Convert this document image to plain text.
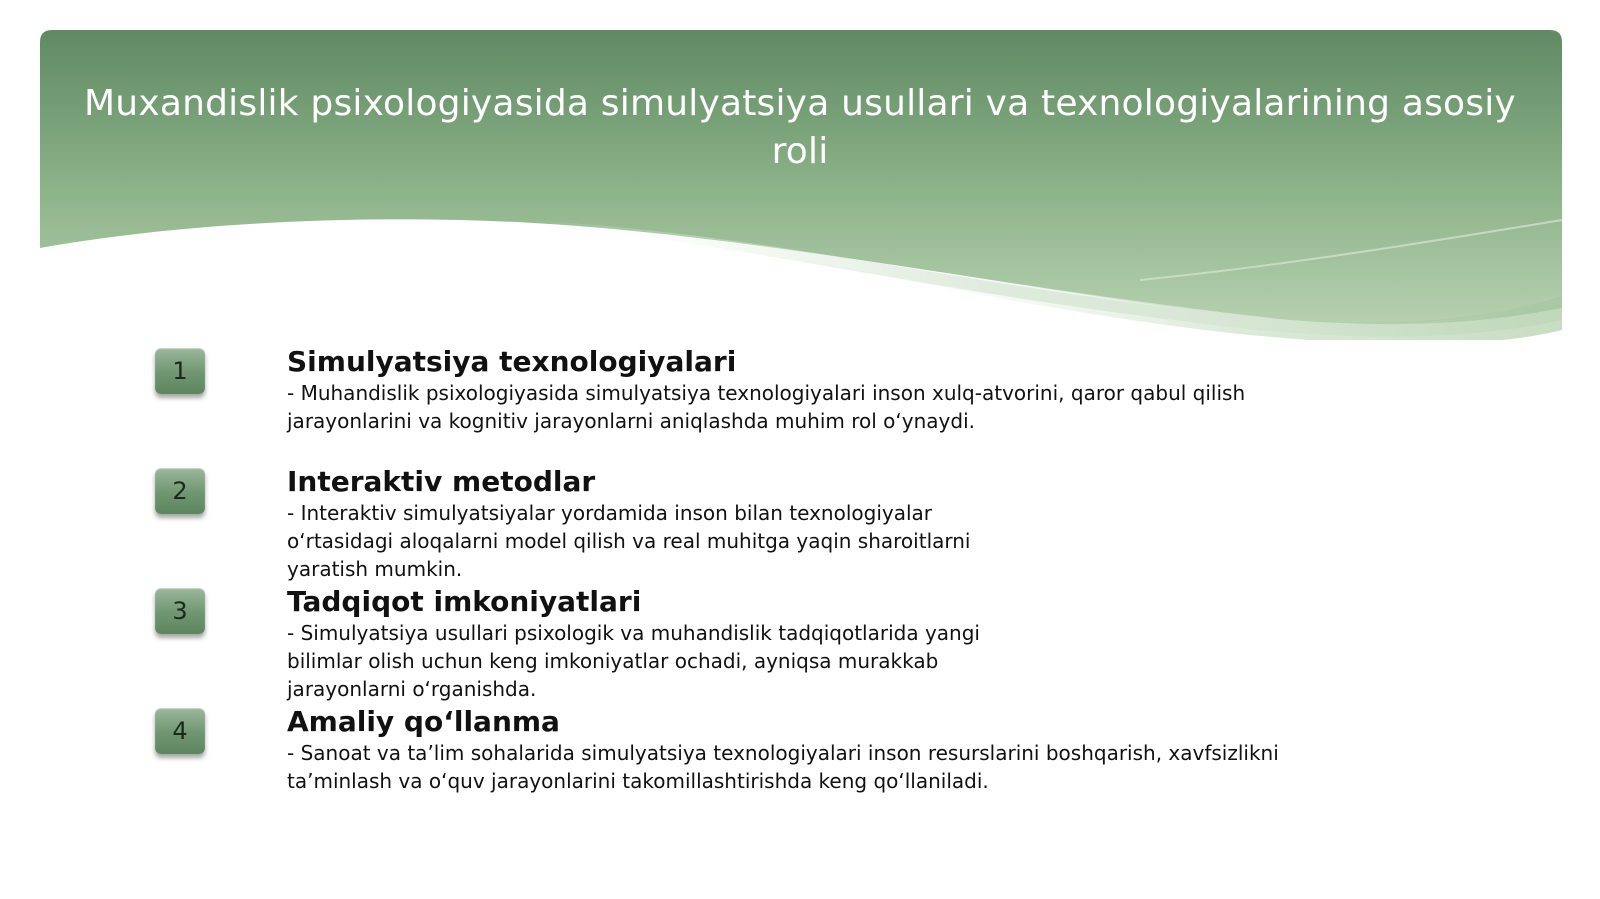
Muxandislik psixologiyasida simulyatsiya usullari va texnologiyalarining asosiy roli
1	Simulyatsiya texnologiyalari

- Muhandislik psixologiyasida simulyatsiya texnologiyalari inson xulq-atvorini, qaror qabul qilish
jarayonlarini va kognitiv jarayonlarni aniqlashda muhim rol o‘ynaydi.

2	Interaktiv metodlar

- Interaktiv simulyatsiyalar yordamida inson bilan texnologiyalar
o‘rtasidagi aloqalarni model qilish va real muhitga yaqin sharoitlarni
yaratish mumkin.

3	Tadqiqot imkoniyatlari

- Simulyatsiya usullari psixologik va muhandislik tadqiqotlarida yangi
bilimlar olish uchun keng imkoniyatlar ochadi, ayniqsa murakkab
jarayonlarni o‘rganishda.

4	Amaliy qo‘llanma

- Sanoat va ta’lim sohalarida simulyatsiya texnologiyalari inson resurslarini boshqarish, xavfsizlikni
ta’minlash va o‘quv jarayonlarini takomillashtirishda keng qo‘llaniladi.
